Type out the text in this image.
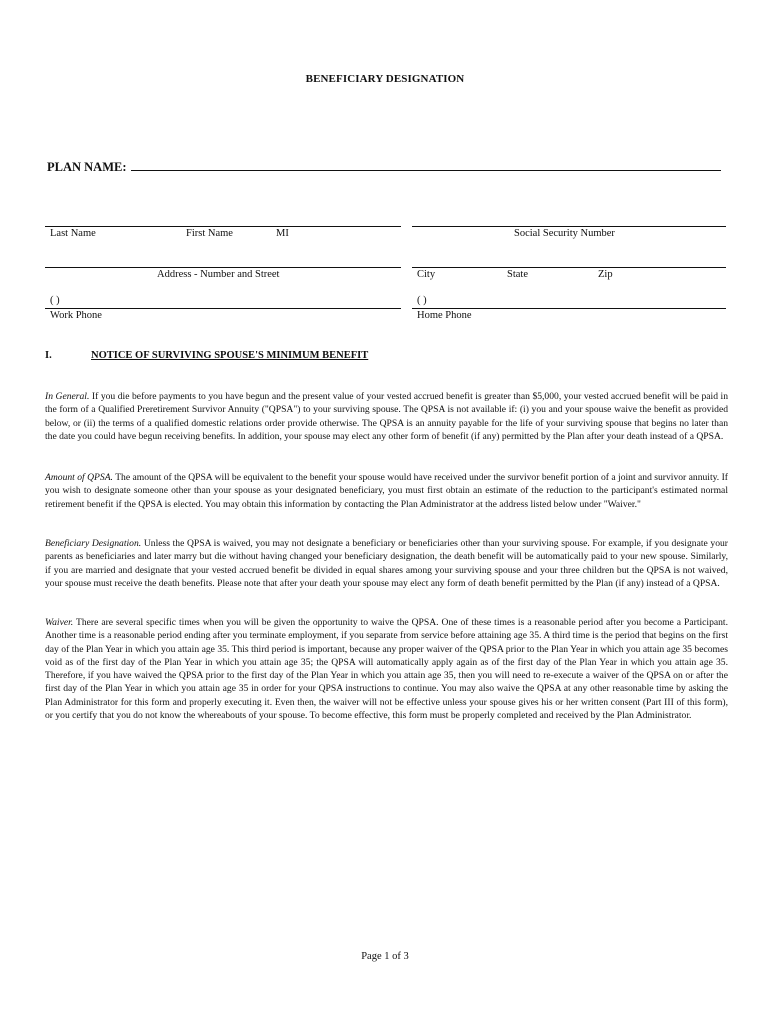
BENEFICIARY DESIGNATION
PLAN NAME:
Last Name	First Name	MI	Social Security Number
Address - Number and Street	City	State	Zip
( )	( )
Work Phone	Home Phone
I.	NOTICE OF SURVIVING SPOUSE'S MINIMUM BENEFIT
In General. If you die before payments to you have begun and the present value of your vested accrued benefit is greater than $5,000, your vested accrued benefit will be paid in the form of a Qualified Preretirement Survivor Annuity ("QPSA") to your surviving spouse. The QPSA is not available if: (i) you and your spouse waive the benefit as provided below, or (ii) the terms of a qualified domestic relations order provide otherwise. The QPSA is an annuity payable for the life of your surviving spouse that begins no later than the date you could have begun receiving benefits. In addition, your spouse may elect any other form of benefit (if any) permitted by the Plan after your death instead of a QPSA.
Amount of QPSA. The amount of the QPSA will be equivalent to the benefit your spouse would have received under the survivor benefit portion of a joint and survivor annuity. If you wish to designate someone other than your spouse as your designated beneficiary, you must first obtain an estimate of the reduction to the participant's estimated normal retirement benefit if the QPSA is elected. You may obtain this information by contacting the Plan Administrator at the address listed below under "Waiver."
Beneficiary Designation. Unless the QPSA is waived, you may not designate a beneficiary or beneficiaries other than your surviving spouse. For example, if you designate your parents as beneficiaries and later marry but die without having changed your beneficiary designation, the death benefit will be automatically paid to your new spouse. Similarly, if you are married and designate that your vested accrued benefit be divided in equal shares among your surviving spouse and your three children but the QPSA is not waived, your spouse must receive the death benefits. Please note that after your death your spouse may elect any form of death benefit permitted by the Plan (if any) instead of a QPSA.
Waiver. There are several specific times when you will be given the opportunity to waive the QPSA. One of these times is a reasonable period after you become a Participant. Another time is a reasonable period ending after you terminate employment, if you separate from service before attaining age 35. A third time is the period that begins on the first day of the Plan Year in which you attain age 35. This third period is important, because any proper waiver of the QPSA prior to the Plan Year in which you attain age 35 becomes void as of the first day of the Plan Year in which you attain age 35; the QPSA will automatically apply again as of the first day of the Plan Year in which you attain age 35. Therefore, if you have waived the QPSA prior to the first day of the Plan Year in which you attain age 35, then you will need to re-execute a waiver of the QPSA on or after the first day of the Plan Year in which you attain age 35 in order for your QPSA instructions to continue. You may also waive the QPSA at any other reasonable time by asking the Plan Administrator for this form and properly executing it. Even then, the waiver will not be effective unless your spouse gives his or her written consent (Part III of this form), or you certify that you do not know the whereabouts of your spouse. To become effective, this form must be properly completed and received by the Plan Administrator.
Page 1 of 3
